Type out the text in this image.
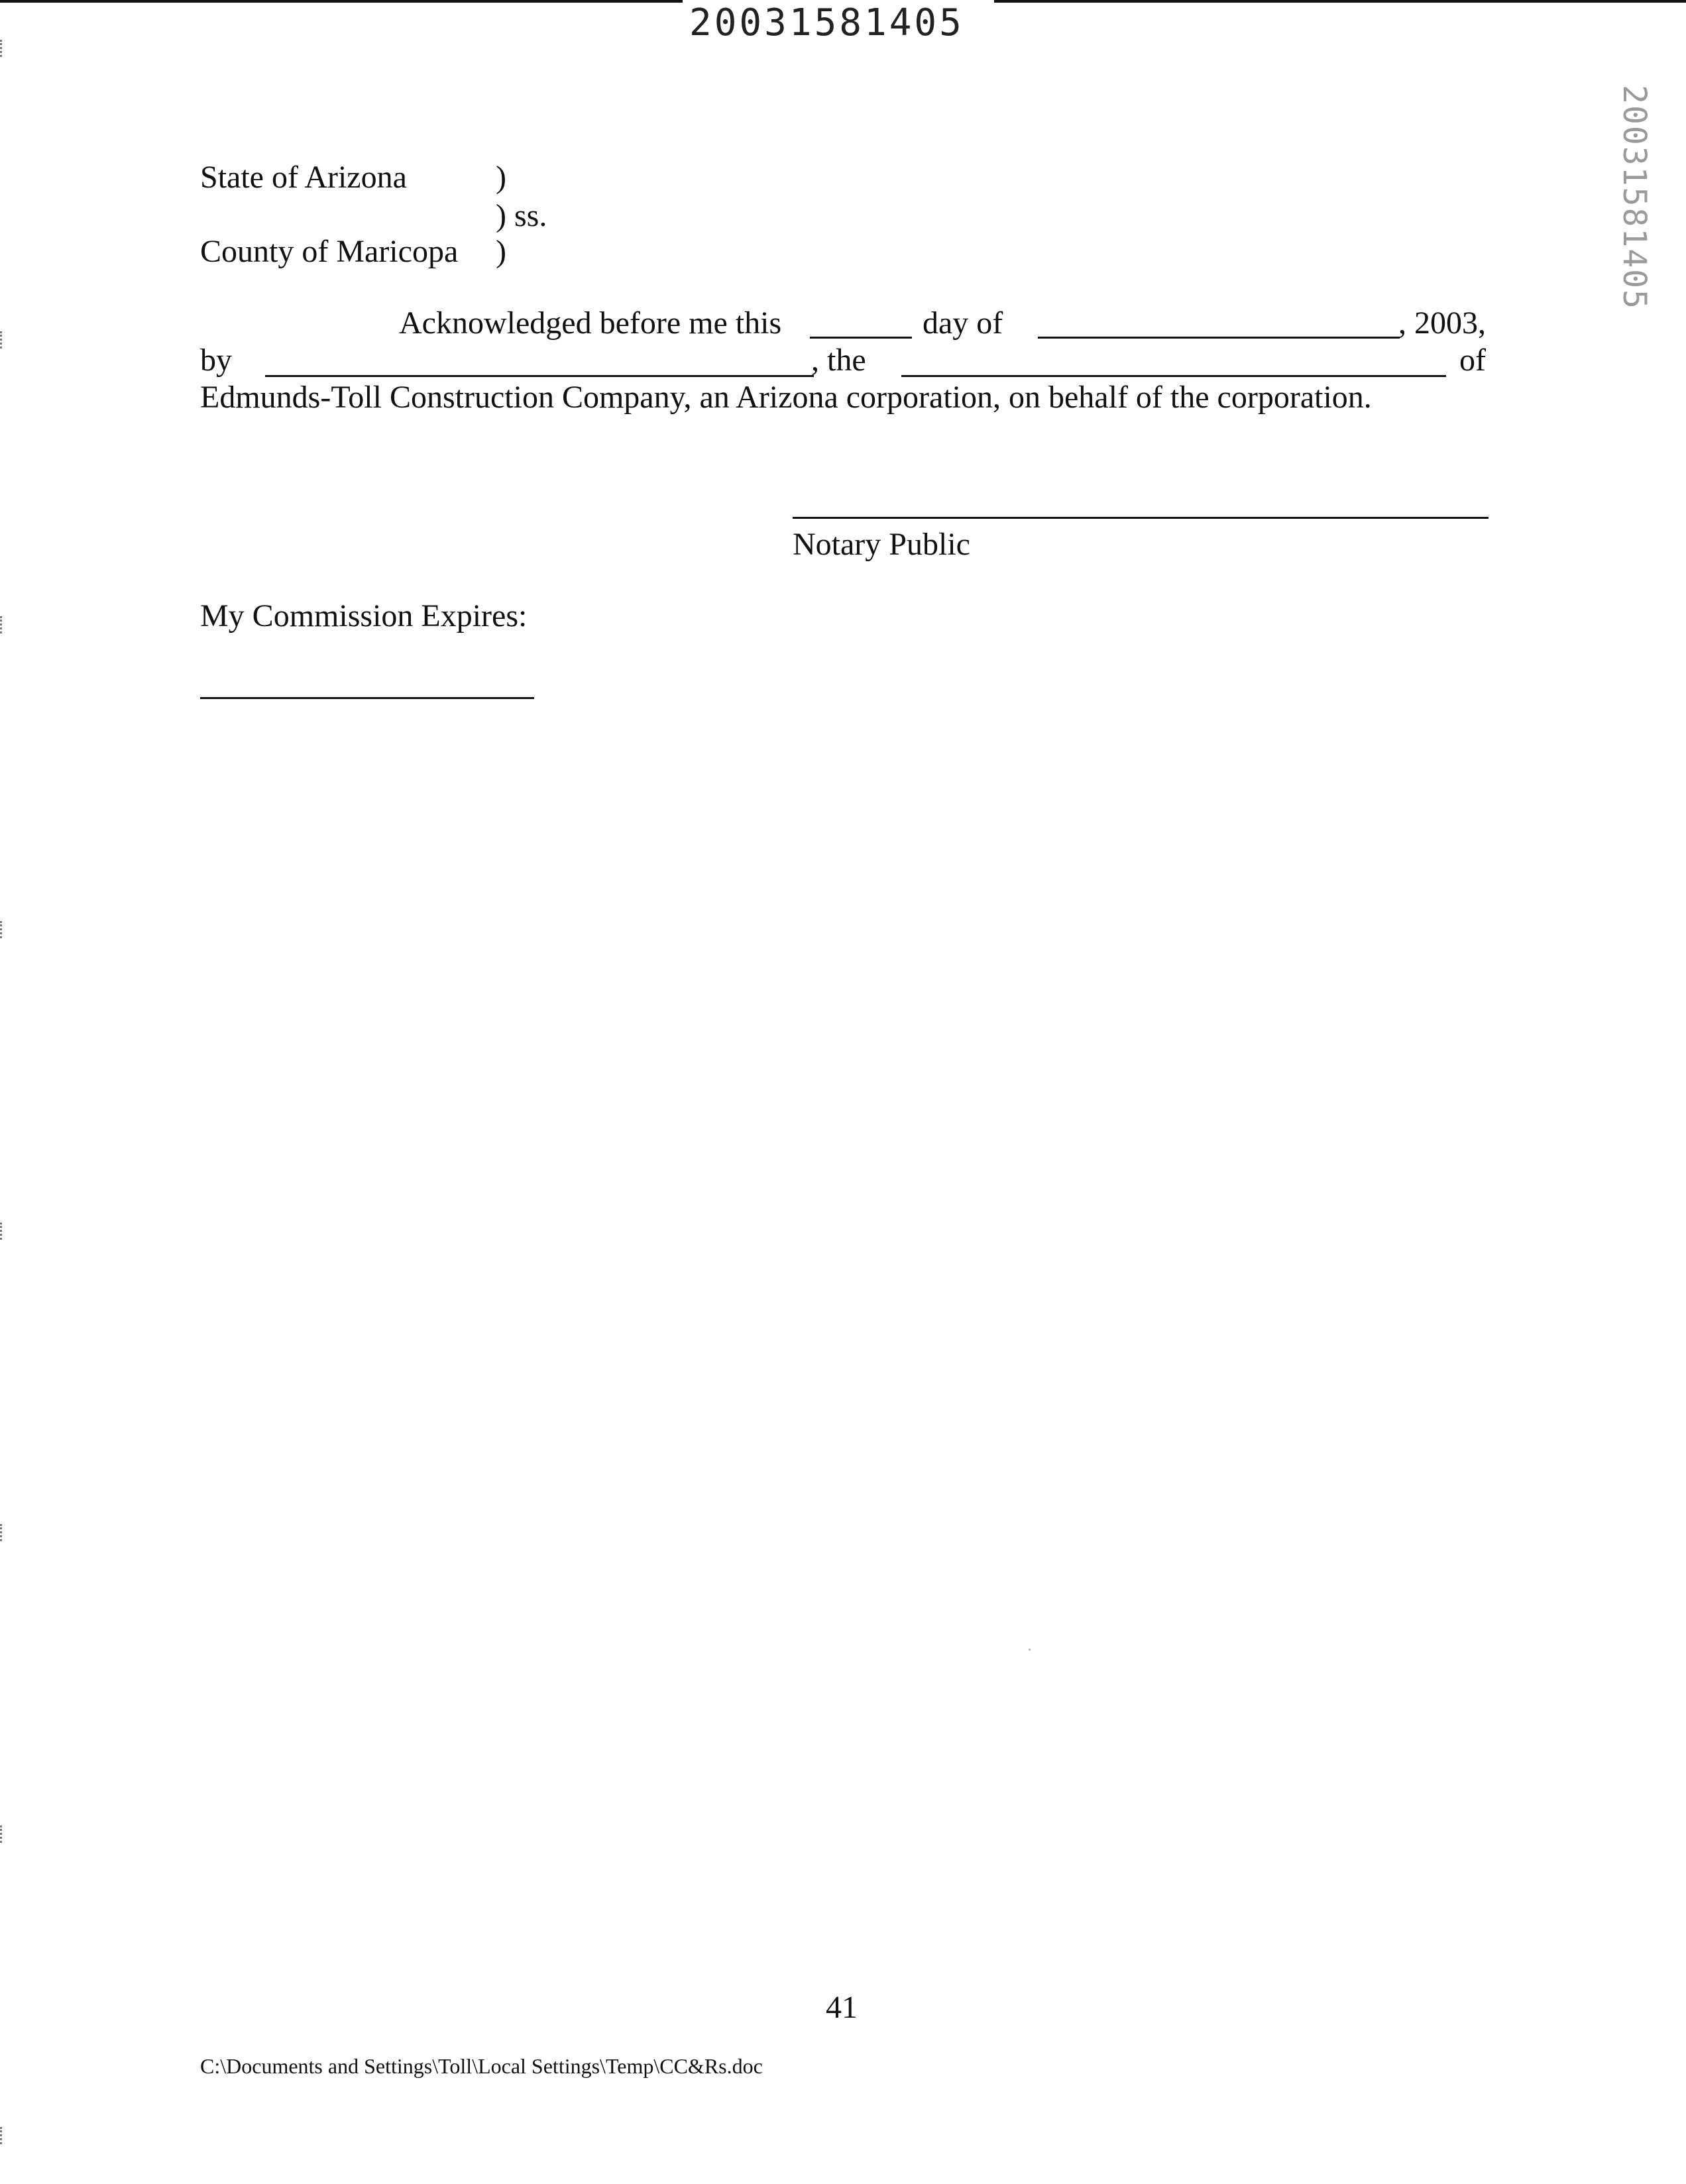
20031581405
20031581405
State of Arizona	)
) ss.
County of Maricopa )
Acknowledged before me this	day of	, 2003,
by	, the	of
Edmunds-Toll Construction Company, an Arizona corporation, on behalf of the corporation.
Notary Public
My Commission Expires:
41
C:\Documents and Settings\Toll\Local Settings\Temp\CC&Rs.doc
